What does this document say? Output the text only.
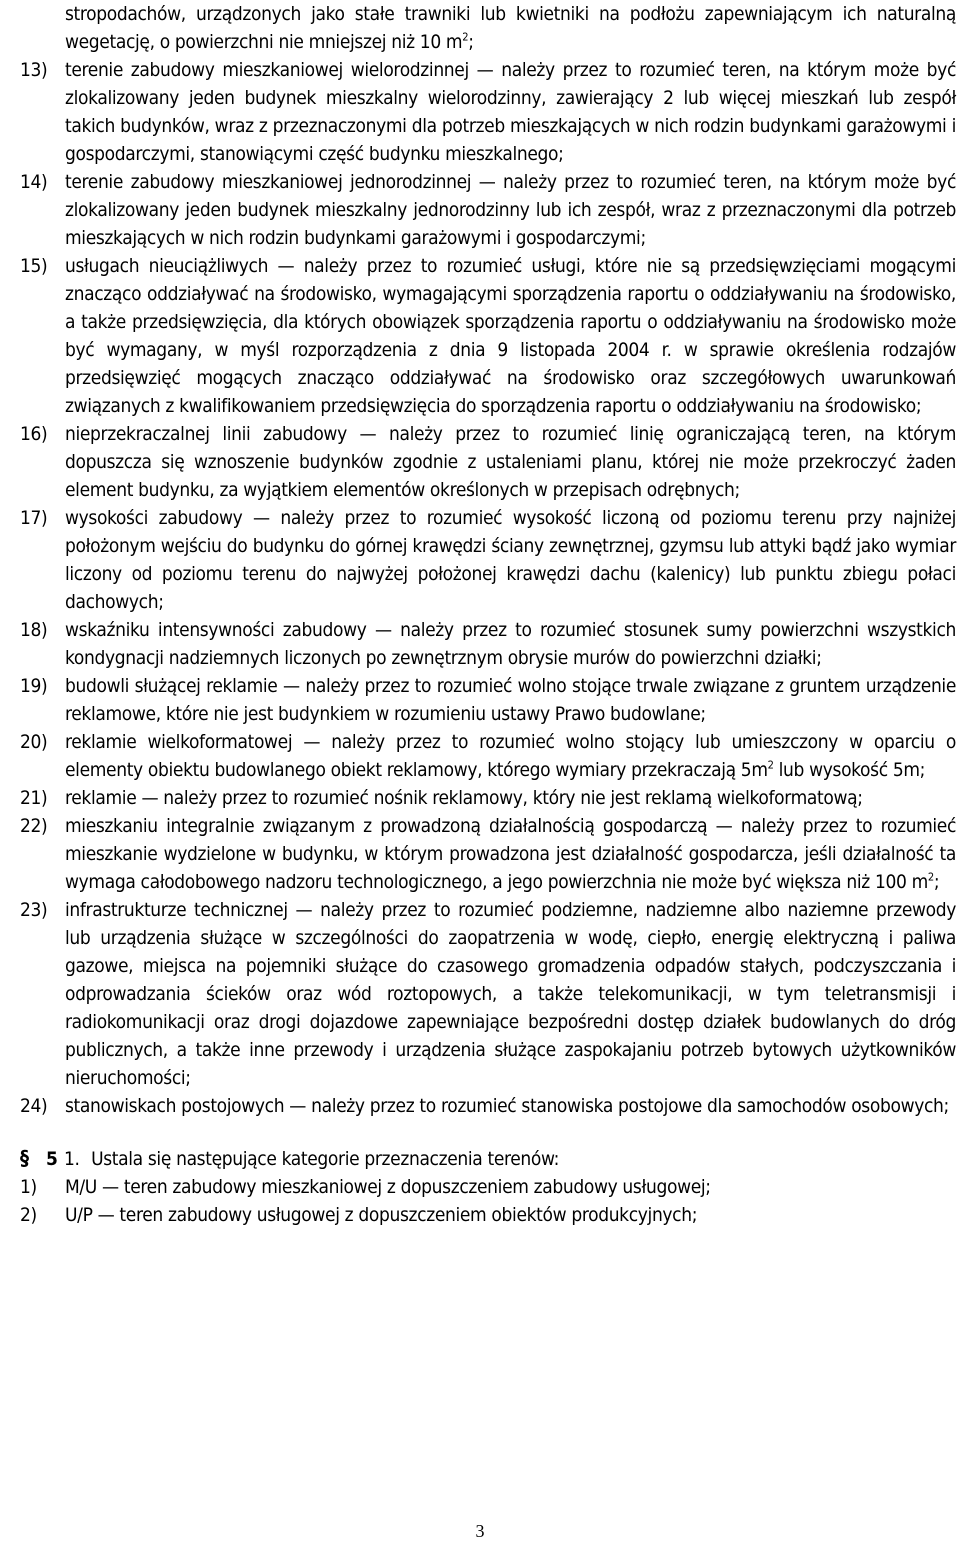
stropodachów, urządzonych jako stałe trawniki lub kwietniki na podłożu zapewniającym ich naturalną wegetację, o powierzchni nie mniejszej niż 10 $m^2$;

13) terenie zabudowy mieszkaniowej wielorodzinnej — należy przez to rozumieć teren, na którym może być zlokalizowany jeden budynek mieszkalny wielorodzinny, zawierający 2 lub więcej mieszkań lub zespół takich budynków, wraz z przeznaczonymi dla potrzeb mieszkających w nich rodzin budynkami garażowymi i gospodarczymi, stanowiącymi część budynku mieszkalnego;

14) terenie zabudowy mieszkaniowej jednorodzinnej — należy przez to rozumieć teren, na którym może być zlokalizowany jeden budynek mieszkalny jednorodzinny lub ich zespół, wraz z przeznaczonymi dla potrzeb mieszkających w nich rodzin budynkami garażowymi i gospodarczymi;

15) usługach nieuciążliwych — należy przez to rozumieć usługi, które nie są przedsięwzięciami mogącymi znacząco oddziaływać na środowisko, wymagającymi sporządzenia raportu o oddziaływaniu na środowisko, a także przedsięwzięcia, dla których obowiązek sporządzenia raportu o oddziaływaniu na środowisko może być wymagany, w myśl rozporządzenia z dnia 9 listopada 2004 r. w sprawie określenia rodzajów przedsięwzięć mogących znacząco oddziaływać na środowisko oraz szczegółowych uwarunkowań związanych z kwalifikowaniem przedsięwzięcia do sporządzenia raportu o oddziaływaniu na środowisko;

16) nieprzekraczalnej linii zabudowy — należy przez to rozumieć linię ograniczającą teren, na którym dopuszcza się wznoszenie budynków zgodnie z ustaleniami planu, której nie może przekroczyć żaden element budynku, za wyjątkiem elementów określonych w przepisach odrębnych;

17) wysokości zabudowy — należy przez to rozumieć wysokość liczoną od poziomu terenu przy najniżej położonym wejściu do budynku do górnej krawędzi ściany zewnętrznej, gzymsu lub attyki bądź jako wymiar liczony od poziomu terenu do najwyżej położonej krawędzi dachu (kalenicy) lub punktu zbiegu połaci dachowych;

18) wskaźniku intensywności zabudowy — należy przez to rozumieć stosunek sumy powierzchni wszystkich kondygnacji nadziemnych liczonych po zewnętrznym obrysie murów do powierzchni działki;

19) budowli służącej reklamie — należy przez to rozumieć wolno stojące trwale związane z gruntem urządzenie reklamowe, które nie jest budynkiem w rozumieniu ustawy Prawo budowlane;

20) reklamie wielkoformatowej — należy przez to rozumieć wolno stojący lub umieszczony w oparciu o elementy obiektu budowlanego obiekt reklamowy, którego wymiary przekraczają $5m^2$ lub wysokość 5m;

21) reklamie — należy przez to rozumieć nośnik reklamowy, który nie jest reklamą wielkoformatową;

22) mieszkaniu integralnie związanym z prowadzoną działalnością gospodarczą — należy przez to rozumieć mieszkanie wydzielone w budynku, w którym prowadzona jest działalność gospodarcza, jeśli działalność ta wymaga całodobowego nadzoru technologicznego, a jego powierzchnia nie może być większa niż 100 $m^2$;

23) infrastrukturze technicznej — należy przez to rozumieć podziemne, nadziemne albo naziemne przewody lub urządzenia służące w szczególności do zaopatrzenia w wodę, ciepło, energię elektryczną i paliwa gazowe, miejsca na pojemniki służące do czasowego gromadzenia odpadów stałych, podczyszczania i odprowadzania ścieków oraz wód roztopowych, a także telekomunikacji, w tym teletransmisji i radiokomunikacji oraz drogi dojazdowe zapewniające bezpośredni dostęp działek budowlanych do dróg publicznych, a także inne przewody i urządzenia służące zaspokajaniu potrzeb bytowych użytkowników nieruchomości;

24) stanowiskach postojowych — należy przez to rozumieć stanowiska postojowe dla samochodów osobowych;

§ 5 1. Ustala się następujące kategorie przeznaczenia terenów:

1)	M/U — teren zabudowy mieszkaniowej z dopuszczeniem zabudowy usługowej;

2)	U/P — teren zabudowy usługowej z dopuszczeniem obiektów produkcyjnych;

3
